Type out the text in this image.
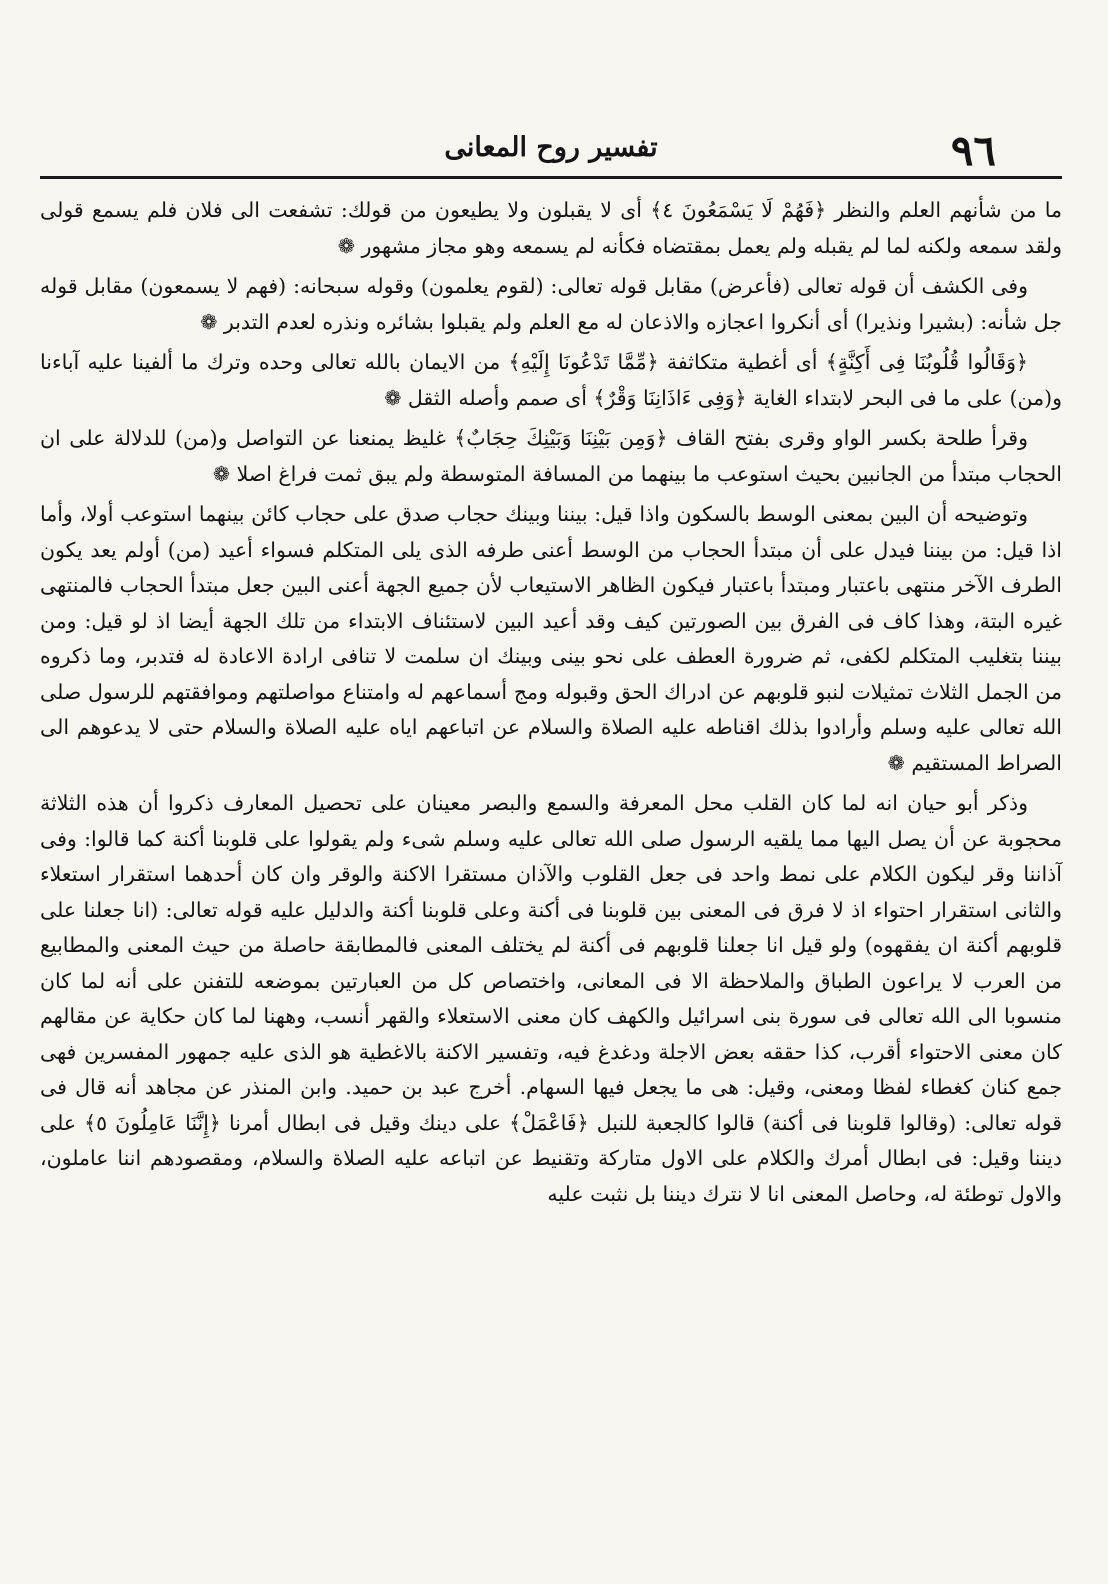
٩٦
تفسير روح المعانى

ما من شأنهم العلم والنظر ﴿فَهُمْ لَا يَسْمَعُونَ ٤﴾ أى لا يقبلون ولا يطيعون من قولك: تشفعت الى فلان فلم يسمع قولى ولقد سمعه ولكنه لما لم يقبله ولم يعمل بمقتضاه فكأنه لم يسمعه وهو مجاز مشهور ❁

وفى الكشف أن قوله تعالى (فأعرض) مقابل قوله تعالى: (لقوم يعلمون) وقوله سبحانه: (فهم لا يسمعون) مقابل قوله جل شأنه: (بشيرا ونذيرا) أى أنكروا اعجازه والاذعان له مع العلم ولم يقبلوا بشائره ونذره لعدم التدبر ❁

﴿وَقَالُوا قُلُوبُنَا فِى أَكِنَّةٍ﴾ أى أغطية متكاثفة ﴿مِّمَّا تَدْعُونَا إِلَيْهِ﴾ من الايمان بالله تعالى وحده وترك ما ألفينا عليه آباءنا و(من) على ما فى البحر لابتداء الغاية ﴿وَفِى ءَاذَانِنَا وَقْرٌ﴾ أى صمم وأصله الثقل ❁

وقرأ طلحة بكسر الواو وقرى بفتح القاف ﴿وَمِن بَيْنِنَا وَبَيْنِكَ حِجَابٌ﴾ غليظ يمنعنا عن التواصل و(من) للدلالة على ان الحجاب مبتدأ من الجانبين بحيث استوعب ما بينهما من المسافة المتوسطة ولم يبق ثمت فراغ اصلا ❁

وتوضيحه أن البين بمعنى الوسط بالسكون واذا قيل: بيننا وبينك حجاب صدق على حجاب كائن بينهما استوعب أولا، وأما اذا قيل: من بيننا فيدل على أن مبتدأ الحجاب من الوسط أعنى طرفه الذى يلى المتكلم فسواء أعيد (من) أولم يعد يكون الطرف الآخر منتهى باعتبار ومبتدأ باعتبار فيكون الظاهر الاستيعاب لأن جميع الجهة أعنى البين جعل مبتدأ الحجاب فالمنتهى غيره البتة، وهذا كاف فى الفرق بين الصورتين كيف وقد أعيد البين لاستئناف الابتداء من تلك الجهة أيضا اذ لو قيل: ومن بيننا بتغليب المتكلم لكفى، ثم ضرورة العطف على نحو بينى وبينك ان سلمت لا تنافى ارادة الاعادة له فتدبر، وما ذكروه من الجمل الثلاث تمثيلات لنبو قلوبهم عن ادراك الحق وقبوله ومج أسماعهم له وامتناع مواصلتهم وموافقتهم للرسول صلى الله تعالى عليه وسلم وأرادوا بذلك اقناطه عليه الصلاة والسلام عن اتباعهم اياه عليه الصلاة والسلام حتى لا يدعوهم الى الصراط المستقيم ❁

وذكر أبو حيان انه لما كان القلب محل المعرفة والسمع والبصر معينان على تحصيل المعارف ذكروا أن هذه الثلاثة محجوبة عن أن يصل اليها مما يلقيه الرسول صلى الله تعالى عليه وسلم شىء ولم يقولوا على قلوبنا أكنة كما قالوا: وفى آذاننا وقر ليكون الكلام على نمط واحد فى جعل القلوب والآذان مستقرا الاكنة والوقر وان كان أحدهما استقرار استعلاء والثانى استقرار احتواء اذ لا فرق فى المعنى بين قلوبنا فى أكنة وعلى قلوبنا أكنة والدليل عليه قوله تعالى: (انا جعلنا على قلوبهم أكنة ان يفقهوه) ولو قيل انا جعلنا قلوبهم فى أكنة لم يختلف المعنى فالمطابقة حاصلة من حيث المعنى والمطابيع من العرب لا يراعون الطباق والملاحظة الا فى المعانى، واختصاص كل من العبارتين بموضعه للتفنن على أنه لما كان منسوبا الى الله تعالى فى سورة بنى اسرائيل والكهف كان معنى الاستعلاء والقهر أنسب، وههنا لما كان حكاية عن مقالهم كان معنى الاحتواء أقرب، كذا حققه بعض الاجلة ودغدغ فيه، وتفسير الاكنة بالاغطية هو الذى عليه جمهور المفسرين فهى جمع كنان كغطاء لفظا ومعنى، وقيل: هى ما يجعل فيها السهام. أخرج عبد بن حميد. وابن المنذر عن مجاهد أنه قال فى قوله تعالى: (وقالوا قلوبنا فى أكنة) قالوا كالجعبة للنبل ﴿فَاعْمَلْ﴾ على دينك وقيل فى ابطال أمرنا ﴿إِنَّنَا عَامِلُونَ ٥﴾ على ديننا وقيل: فى ابطال أمرك والكلام على الاول متاركة وتقنيط عن اتباعه عليه الصلاة والسلام، ومقصودهم اننا عاملون، والاول توطئة له، وحاصل المعنى انا لا نترك ديننا بل نثبت عليه
